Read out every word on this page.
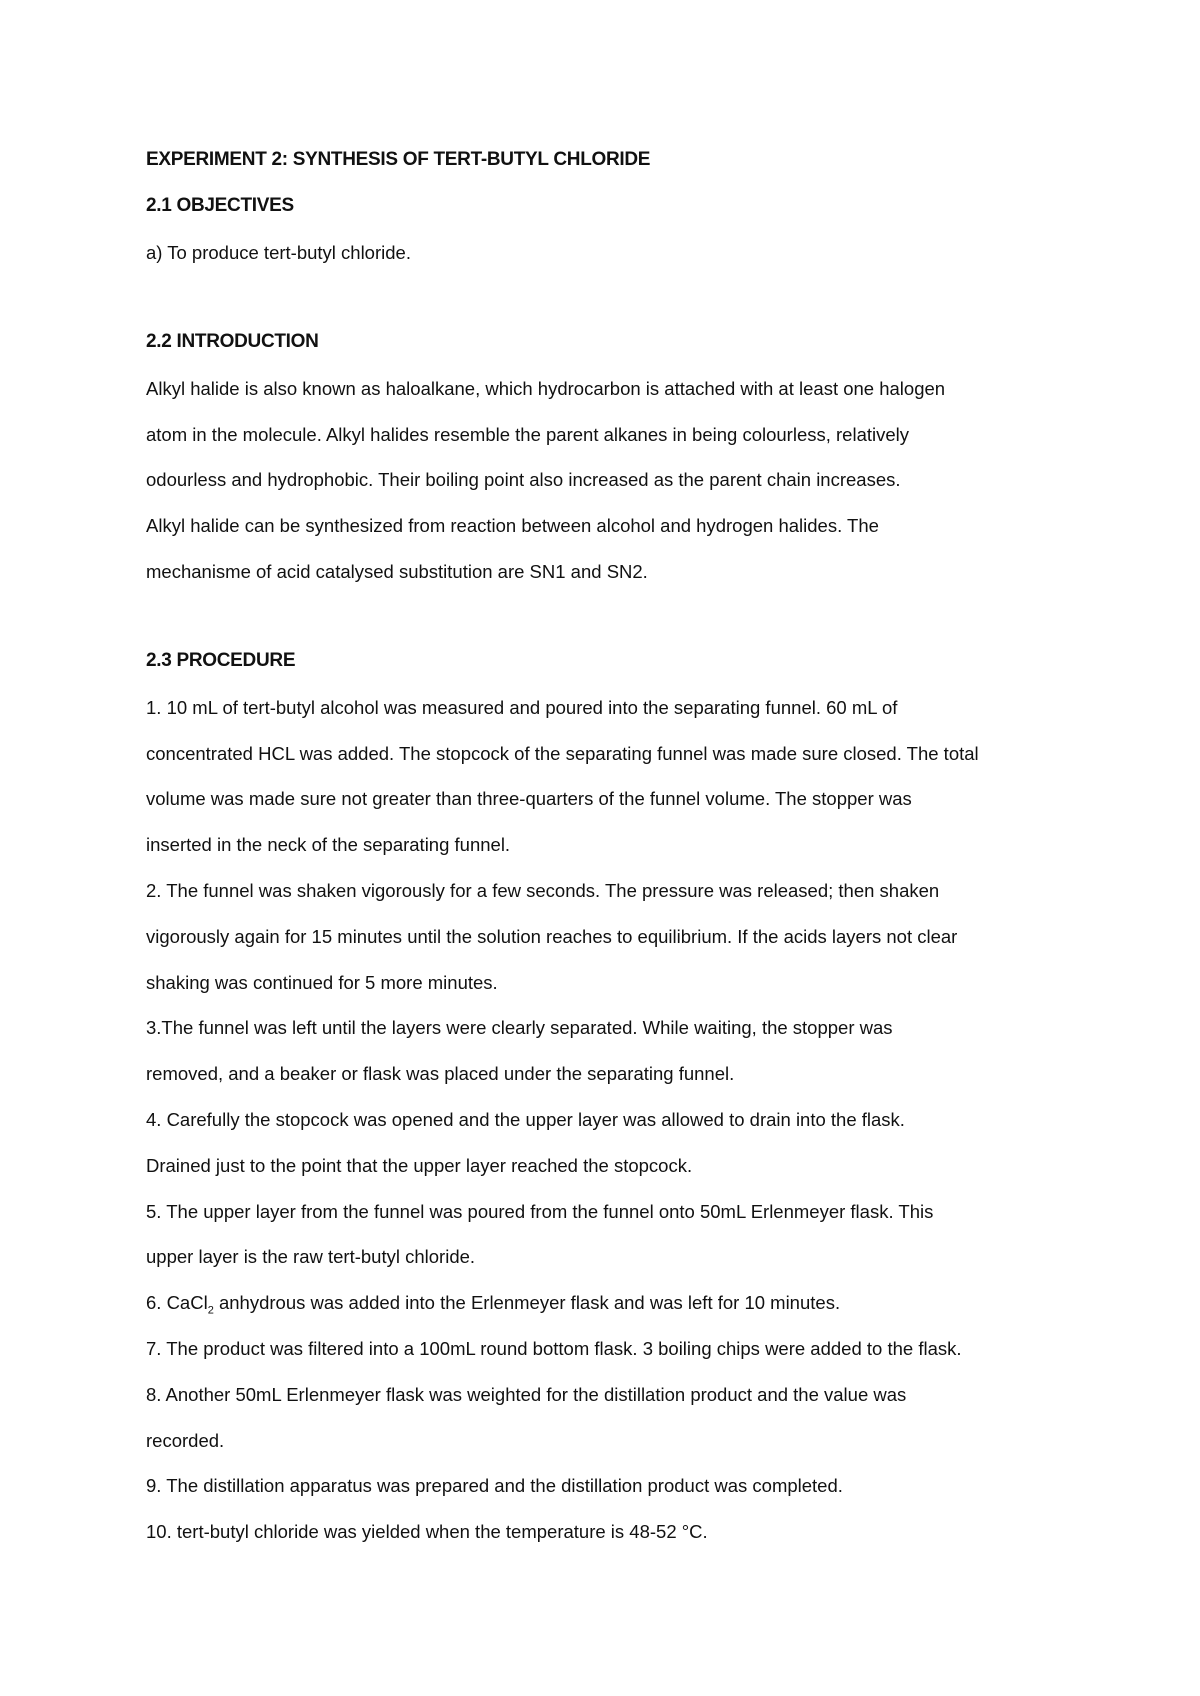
EXPERIMENT 2: SYNTHESIS OF TERT-BUTYL CHLORIDE
2.1 OBJECTIVES

a) To produce tert-butyl chloride.

2.2 INTRODUCTION

Alkyl halide is also known as haloalkane, which hydrocarbon is attached with at least one halogen

atom in the molecule. Alkyl halides resemble the parent alkanes in being colourless, relatively

odourless and hydrophobic. Their boiling point also increased as the parent chain increases.

Alkyl halide can be synthesized from reaction between alcohol and hydrogen halides. The

mechanisme of acid catalysed substitution are SN1 and SN2.

2.3 PROCEDURE

1. 10 mL of tert-butyl alcohol was measured and poured into the separating funnel. 60 mL of

concentrated HCL was added. The stopcock of the separating funnel was made sure closed. The total

volume was made sure not greater than three-quarters of the funnel volume. The stopper was

inserted in the neck of the separating funnel.

2. The funnel was shaken vigorously for a few seconds. The pressure was released; then shaken

vigorously again for 15 minutes until the solution reaches to equilibrium. If the acids layers not clear

shaking was continued for 5 more minutes.

3.The funnel was left until the layers were clearly separated. While waiting, the stopper was

removed, and a beaker or flask was placed under the separating funnel.

4. Carefully the stopcock was opened and the upper layer was allowed to drain into the flask.

Drained just to the point that the upper layer reached the stopcock.

5. The upper layer from the funnel was poured from the funnel onto 50mL Erlenmeyer flask. This

upper layer is the raw tert-butyl chloride.

6. CaCl$_2$ anhydrous was added into the Erlenmeyer flask and was left for 10 minutes.

7. The product was filtered into a 100mL round bottom flask. 3 boiling chips were added to the flask.

8. Another 50mL Erlenmeyer flask was weighted for the distillation product and the value was

recorded.

9. The distillation apparatus was prepared and the distillation product was completed.

10. tert-butyl chloride was yielded when the temperature is 48-52 °C.
